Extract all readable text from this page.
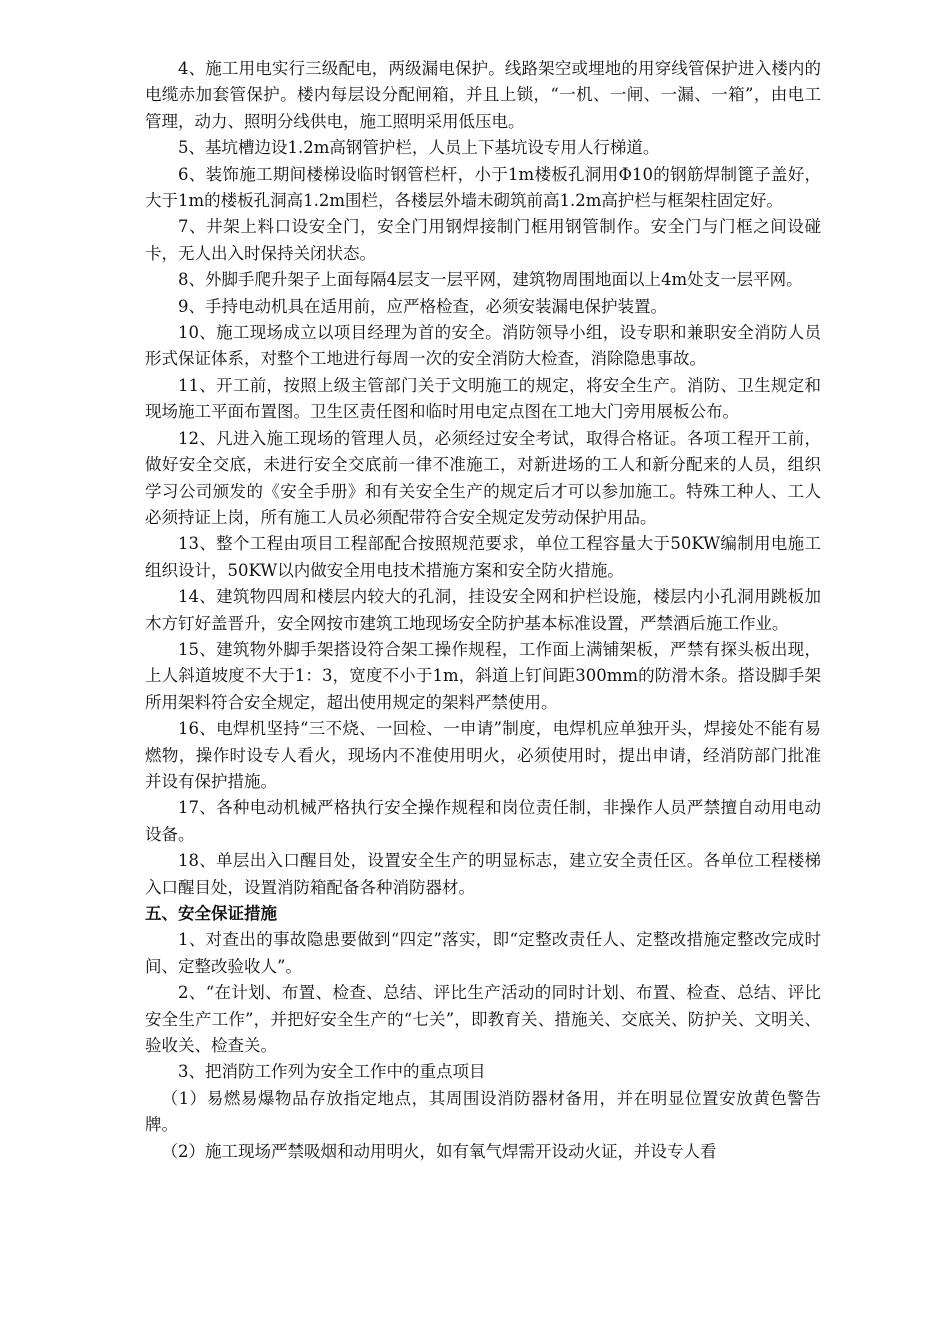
4、施工用电实行三级配电，两级漏电保护。线路架空或埋地的用穿线管保护进入楼内的电缆赤加套管保护。楼内每层设分配闸箱，并且上锁，“一机、一闸、一漏、一箱”，由电工管理，动力、照明分线供电，施工照明采用低压电。

5、基坑槽边设1.2m高钢管护栏，人员上下基坑设专用人行梯道。

6、装饰施工期间楼梯设临时钢管栏杆，小于1m楼板孔洞用Φ10的钢筋焊制篦子盖好，大于1m的楼板孔洞高1.2m围栏，各楼层外墙未砌筑前高1.2m高护栏与框架柱固定好。

7、井架上料口设安全门，安全门用钢焊接制门框用钢管制作。安全门与门框之间设碰卡，无人出入时保持关闭状态。

8、外脚手爬升架子上面每隔4层支一层平网，建筑物周围地面以上4m处支一层平网。

9、手持电动机具在适用前，应严格检查，必须安装漏电保护装置。

10、施工现场成立以项目经理为首的安全。消防领导小组，设专职和兼职安全消防人员形式保证体系，对整个工地进行每周一次的安全消防大检查，消除隐患事故。

11、开工前，按照上级主管部门关于文明施工的规定，将安全生产。消防、卫生规定和现场施工平面布置图。卫生区责任图和临时用电定点图在工地大门旁用展板公布。

12、凡进入施工现场的管理人员，必须经过安全考试，取得合格证。各项工程开工前，做好安全交底，未进行安全交底前一律不准施工，对新进场的工人和新分配来的人员，组织学习公司颁发的《安全手册》和有关安全生产的规定后才可以参加施工。特殊工种人、工人必须持证上岗，所有施工人员必须配带符合安全规定发劳动保护用品。

13、整个工程由项目工程部配合按照规范要求，单位工程容量大于50KW编制用电施工组织设计，50KW以内做安全用电技术措施方案和安全防火措施。

14、建筑物四周和楼层内较大的孔洞，挂设安全网和护栏设施，楼层内小孔洞用跳板加木方钉好盖晋升，安全网按市建筑工地现场安全防护基本标准设置，严禁酒后施工作业。

15、建筑物外脚手架搭设符合架工操作规程，工作面上满铺架板，严禁有探头板出现，上人斜道坡度不大于1：3，宽度不小于1m，斜道上钉间距300mm的防滑木条。搭设脚手架所用架料符合安全规定，超出使用规定的架料严禁使用。

16、电焊机坚持“三不烧、一回检、一申请”制度，电焊机应单独开头，焊接处不能有易燃物，操作时设专人看火，现场内不准使用明火，必须使用时，提出申请，经消防部门批准并设有保护措施。

17、各种电动机械严格执行安全操作规程和岗位责任制，非操作人员严禁擅自动用电动设备。

18、单层出入口醒目处，设置安全生产的明显标志，建立安全责任区。各单位工程楼梯入口醒目处，设置消防箱配备各种消防器材。

五、安全保证措施

1、对查出的事故隐患要做到“四定”落实，即“定整改责任人、定整改措施定整改完成时间、定整改验收人”。

2、“在计划、布置、检查、总结、评比生产活动的同时计划、布置、检查、总结、评比安全生产工作”，并把好安全生产的“七关”，即教育关、措施关、交底关、防护关、文明关、验收关、检查关。

3、把消防工作列为安全工作中的重点项目

（1）易燃易爆物品存放指定地点，其周围设消防器材备用，并在明显位置安放黄色警告牌。

（2）施工现场严禁吸烟和动用明火，如有氧气焊需开设动火证，并设专人看
